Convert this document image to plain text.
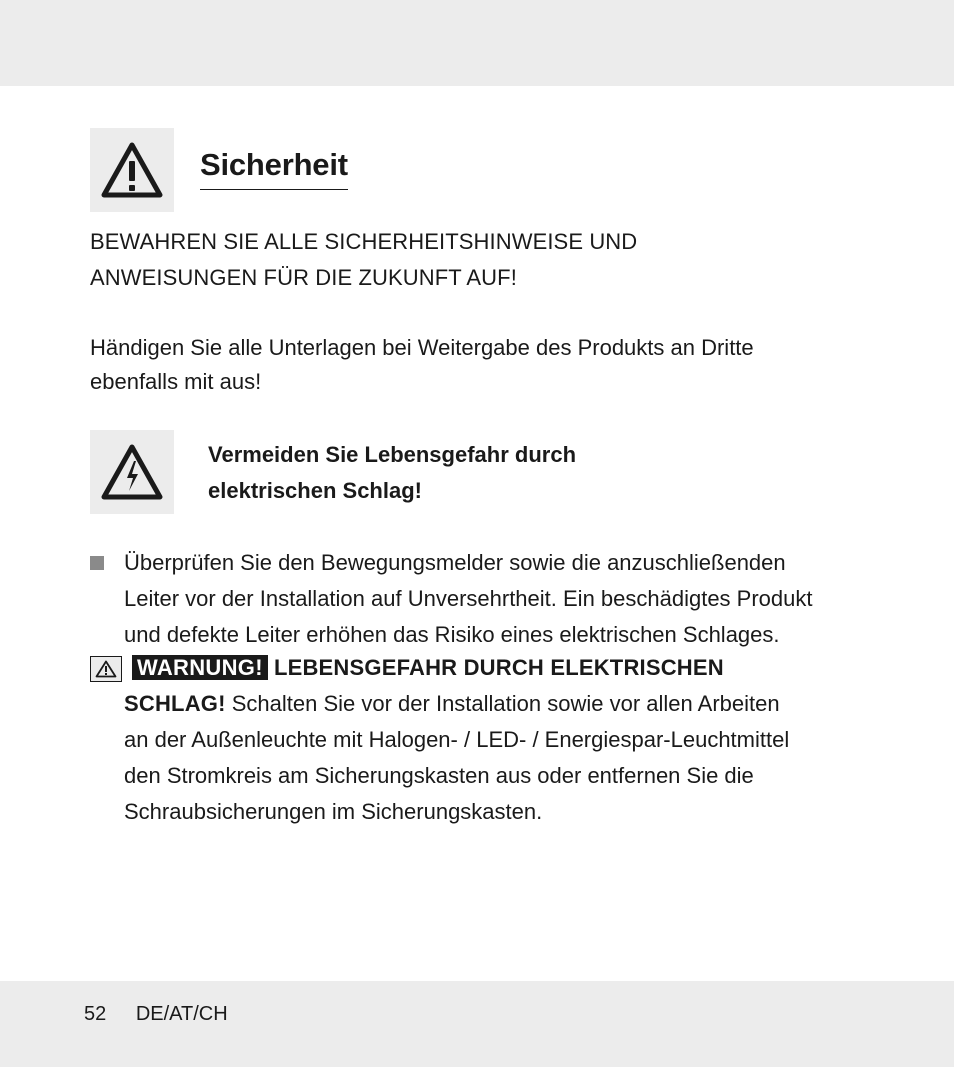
Sicherheit

BEWAHREN SIE ALLE SICHERHEITSHINWEISE UND
ANWEISUNGEN FÜR DIE ZUKUNFT AUF!

Händigen Sie alle Unterlagen bei Weitergabe des Produkts an Dritte
ebenfalls mit aus!

Vermeiden Sie Lebensgefahr durch
elektrischen Schlag!

Überprüfen Sie den Bewegungsmelder sowie die anzuschließenden
Leiter vor der Installation auf Unversehrtheit. Ein beschädigtes Produkt
und defekte Leiter erhöhen das Risiko eines elektrischen Schlages.

WARNUNG! LEBENSGEFAHR DURCH ELEKTRISCHEN
SCHLAG! Schalten Sie vor der Installation sowie vor allen Arbeiten
an der Außenleuchte mit Halogen- / LED- / Energiespar-Leuchtmittel
den Stromkreis am Sicherungskasten aus oder entfernen Sie die
Schraubsicherungen im Sicherungskasten.

52 DE/AT/CH
